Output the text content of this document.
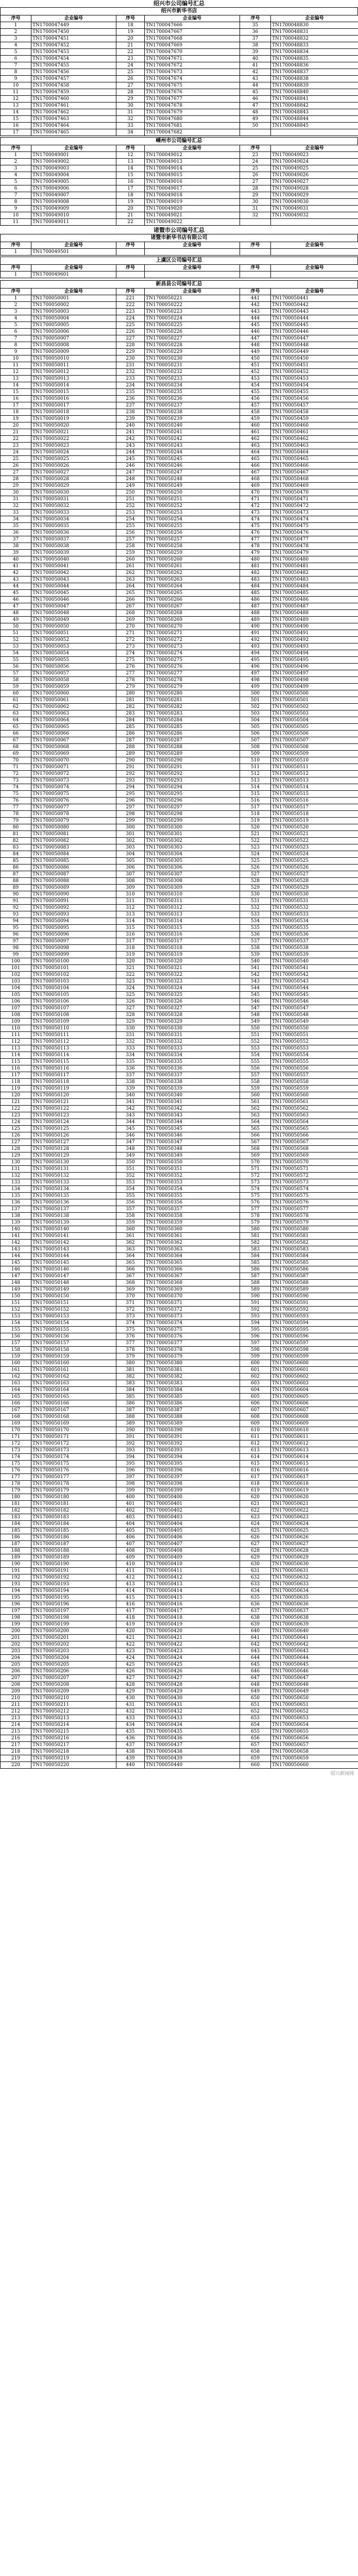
绍兴市公司编号汇总
绍兴市新华书店
序号	企业编号	序号	企业编号	序号	企业编号
1	TN1700047449	18	TN1700047666	35	TN1700048830
2	TN1700047450	19	TN1700047667	36	TN1700048831
3	TN1700047451	20	TN1700047668	37	TN1700048832
4	TN1700047452	21	TN1700047669	38	TN1700048833
5	TN1700047453	22	TN1700047670	39	TN1700048834
6	TN1700047454	23	TN1700047671	40	TN1700048835
7	TN1700047455	24	TN1700047672	41	TN1700048836
8	TN1700047456	25	TN1700047673	42	TN1700048837
9	TN1700047457	26	TN1700047674	43	TN1700048838
10	TN1700047458	27	TN1700047675	44	TN1700048839
11	TN1700047459	28	TN1700047676	45	TN1700048840
12	TN1700047460	29	TN1700047677	46	TN1700048841
13	TN1700047461	30	TN1700047678	47	TN1700048842
14	TN1700047462	31	TN1700047679	48	TN1700048843
15	TN1700047463	32	TN1700047680	49	TN1700048844
16	TN1700047464	33	TN1700047681	50	TN1700048845
17	TN1700047465	34	TN1700047682		
嵊州市公司编号汇总
序号	企业编号	序号	企业编号	序号	企业编号
1	TN1700049001	12	TN1700049012	23	TN1700049023
2	TN1700049002	13	TN1700049013	24	TN1700049024
3	TN1700049003	14	TN1700049014	25	TN1700049025
4	TN1700049004	15	TN1700049015	26	TN1700049026
5	TN1700049005	16	TN1700049016	27	TN1700049027
6	TN1700049006	17	TN1700049017	28	TN1700049028
7	TN1700049007	18	TN1700049018	29	TN1700049029
8	TN1700049008	19	TN1700049019	30	TN1700049030
9	TN1700049009	20	TN1700049020	31	TN1700049031
10	TN1700049010	21	TN1700049021	32	TN1700049032
11	TN1700049011	22	TN1700049022		
诸暨市公司编号汇总
诸暨市新华书店有限公司
序号	企业编号	序号	企业编号	序号	企业编号
1	TN1700049501				
上虞区公司编号汇总
序号	企业编号	序号	企业编号	序号	企业编号
1	TN1700049601				
新昌县公司编号汇总
序号	企业编号	序号	企业编号	序号	企业编号
1	TN1700050001	221	TN1700050221	441	TN1700050441
2	TN1700050002	222	TN1700050222	442	TN1700050442
3	TN1700050003	223	TN1700050223	443	TN1700050443
4	TN1700050004	224	TN1700050224	444	TN1700050444
5	TN1700050005	225	TN1700050225	445	TN1700050445
6	TN1700050006	226	TN1700050226	446	TN1700050446
7	TN1700050007	227	TN1700050227	447	TN1700050447
8	TN1700050008	228	TN1700050228	448	TN1700050448
9	TN1700050009	229	TN1700050229	449	TN1700050449
10	TN1700050010	230	TN1700050230	450	TN1700050450
11	TN1700050011	231	TN1700050231	451	TN1700050451
12	TN1700050012	232	TN1700050232	452	TN1700050452
13	TN1700050013	233	TN1700050233	453	TN1700050453
14	TN1700050014	234	TN1700050234	454	TN1700050454
15	TN1700050015	235	TN1700050235	455	TN1700050455
16	TN1700050016	236	TN1700050236	456	TN1700050456
17	TN1700050017	237	TN1700050237	457	TN1700050457
18	TN1700050018	238	TN1700050238	458	TN1700050458
19	TN1700050019	239	TN1700050239	459	TN1700050459
20	TN1700050020	240	TN1700050240	460	TN1700050460
21	TN1700050021	241	TN1700050241	461	TN1700050461
22	TN1700050022	242	TN1700050242	462	TN1700050462
23	TN1700050023	243	TN1700050243	463	TN1700050463
24	TN1700050024	244	TN1700050244	464	TN1700050464
25	TN1700050025	245	TN1700050245	465	TN1700050465
26	TN1700050026	246	TN1700050246	466	TN1700050466
27	TN1700050027	247	TN1700050247	467	TN1700050467
28	TN1700050028	248	TN1700050248	468	TN1700050468
29	TN1700050029	249	TN1700050249	469	TN1700050469
30	TN1700050030	250	TN1700050250	470	TN1700050470
31	TN1700050031	251	TN1700050251	471	TN1700050471
32	TN1700050032	252	TN1700050252	472	TN1700050472
33	TN1700050033	253	TN1700050253	473	TN1700050473
34	TN1700050034	254	TN1700050254	474	TN1700050474
35	TN1700050035	255	TN1700050255	475	TN1700050475
36	TN1700050036	256	TN1700050256	476	TN1700050476
37	TN1700050037	257	TN1700050257	477	TN1700050477
38	TN1700050038	258	TN1700050258	478	TN1700050478
39	TN1700050039	259	TN1700050259	479	TN1700050479
40	TN1700050040	260	TN1700050260	480	TN1700050480
41	TN1700050041	261	TN1700050261	481	TN1700050481
42	TN1700050042	262	TN1700050262	482	TN1700050482
43	TN1700050043	263	TN1700050263	483	TN1700050483
44	TN1700050044	264	TN1700050264	484	TN1700050484
45	TN1700050045	265	TN1700050265	485	TN1700050485
46	TN1700050046	266	TN1700050266	486	TN1700050486
47	TN1700050047	267	TN1700050267	487	TN1700050487
48	TN1700050048	268	TN1700050268	488	TN1700050488
49	TN1700050049	269	TN1700050269	489	TN1700050489
50	TN1700050050	270	TN1700050270	490	TN1700050490
51	TN1700050051	271	TN1700050271	491	TN1700050491
52	TN1700050052	272	TN1700050272	492	TN1700050492
53	TN1700050053	273	TN1700050273	493	TN1700050493
54	TN1700050054	274	TN1700050274	494	TN1700050494
55	TN1700050055	275	TN1700050275	495	TN1700050495
56	TN1700050056	276	TN1700050276	496	TN1700050496
57	TN1700050057	277	TN1700050277	497	TN1700050497
58	TN1700050058	278	TN1700050278	498	TN1700050498
59	TN1700050059	279	TN1700050279	499	TN1700050499
60	TN1700050060	280	TN1700050280	500	TN1700050500
61	TN1700050061	281	TN1700050281	501	TN1700050501
62	TN1700050062	282	TN1700050282	502	TN1700050502
63	TN1700050063	283	TN1700050283	503	TN1700050503
64	TN1700050064	284	TN1700050284	504	TN1700050504
65	TN1700050065	285	TN1700050285	505	TN1700050505
66	TN1700050066	286	TN1700050286	506	TN1700050506
67	TN1700050067	287	TN1700050287	507	TN1700050507
68	TN1700050068	288	TN1700050288	508	TN1700050508
69	TN1700050069	289	TN1700050289	509	TN1700050509
70	TN1700050070	290	TN1700050290	510	TN1700050510
71	TN1700050071	291	TN1700050291	511	TN1700050511
72	TN1700050072	292	TN1700050292	512	TN1700050512
73	TN1700050073	293	TN1700050293	513	TN1700050513
74	TN1700050074	294	TN1700050294	514	TN1700050514
75	TN1700050075	295	TN1700050295	515	TN1700050515
76	TN1700050076	296	TN1700050296	516	TN1700050516
77	TN1700050077	297	TN1700050297	517	TN1700050517
78	TN1700050078	298	TN1700050298	518	TN1700050518
79	TN1700050079	299	TN1700050299	519	TN1700050519
80	TN1700050080	300	TN1700050300	520	TN1700050520
81	TN1700050081	301	TN1700050301	521	TN1700050521
82	TN1700050082	302	TN1700050302	522	TN1700050522
83	TN1700050083	303	TN1700050303	523	TN1700050523
84	TN1700050084	304	TN1700050304	524	TN1700050524
85	TN1700050085	305	TN1700050305	525	TN1700050525
86	TN1700050086	306	TN1700050306	526	TN1700050526
87	TN1700050087	307	TN1700050307	527	TN1700050527
88	TN1700050088	308	TN1700050308	528	TN1700050528
89	TN1700050089	309	TN1700050309	529	TN1700050529
90	TN1700050090	310	TN1700050310	530	TN1700050530
91	TN1700050091	311	TN1700050311	531	TN1700050531
92	TN1700050092	312	TN1700050312	532	TN1700050532
93	TN1700050093	313	TN1700050313	533	TN1700050533
94	TN1700050094	314	TN1700050314	534	TN1700050534
95	TN1700050095	315	TN1700050315	535	TN1700050535
96	TN1700050096	316	TN1700050316	536	TN1700050536
97	TN1700050097	317	TN1700050317	537	TN1700050537
98	TN1700050098	318	TN1700050318	538	TN1700050538
99	TN1700050099	319	TN1700050319	539	TN1700050539
100	TN1700050100	320	TN1700050320	540	TN1700050540
101	TN1700050101	321	TN1700050321	541	TN1700050541
102	TN1700050102	322	TN1700050322	542	TN1700050542
103	TN1700050103	323	TN1700050323	543	TN1700050543
104	TN1700050104	324	TN1700050324	544	TN1700050544
105	TN1700050105	325	TN1700050325	545	TN1700050545
106	TN1700050106	326	TN1700050326	546	TN1700050546
107	TN1700050107	327	TN1700050327	547	TN1700050547
108	TN1700050108	328	TN1700050328	548	TN1700050548
109	TN1700050109	329	TN1700050329	549	TN1700050549
110	TN1700050110	330	TN1700050330	550	TN1700050550
111	TN1700050111	331	TN1700050331	551	TN1700050551
112	TN1700050112	332	TN1700050332	552	TN1700050552
113	TN1700050113	333	TN1700050333	553	TN1700050553
114	TN1700050114	334	TN1700050334	554	TN1700050554
115	TN1700050115	335	TN1700050335	555	TN1700050555
116	TN1700050116	336	TN1700050336	556	TN1700050556
117	TN1700050117	337	TN1700050337	557	TN1700050557
118	TN1700050118	338	TN1700050338	558	TN1700050558
119	TN1700050119	339	TN1700050339	559	TN1700050559
120	TN1700050120	340	TN1700050340	560	TN1700050560
121	TN1700050121	341	TN1700050341	561	TN1700050561
122	TN1700050122	342	TN1700050342	562	TN1700050562
123	TN1700050123	343	TN1700050343	563	TN1700050563
124	TN1700050124	344	TN1700050344	564	TN1700050564
125	TN1700050125	345	TN1700050345	565	TN1700050565
126	TN1700050126	346	TN1700050346	566	TN1700050566
127	TN1700050127	347	TN1700050347	567	TN1700050567
128	TN1700050128	348	TN1700050348	568	TN1700050568
129	TN1700050129	349	TN1700050349	569	TN1700050569
130	TN1700050130	350	TN1700050350	570	TN1700050570
131	TN1700050131	351	TN1700050351	571	TN1700050571
132	TN1700050132	352	TN1700050352	572	TN1700050572
133	TN1700050133	353	TN1700050353	573	TN1700050573
134	TN1700050134	354	TN1700050354	574	TN1700050574
135	TN1700050135	355	TN1700050355	575	TN1700050575
136	TN1700050136	356	TN1700050356	576	TN1700050576
137	TN1700050137	357	TN1700050357	577	TN1700050577
138	TN1700050138	358	TN1700050358	578	TN1700050578
139	TN1700050139	359	TN1700050359	579	TN1700050579
140	TN1700050140	360	TN1700050360	580	TN1700050580
141	TN1700050141	361	TN1700050361	581	TN1700050581
142	TN1700050142	362	TN1700050362	582	TN1700050582
143	TN1700050143	363	TN1700050363	583	TN1700050583
144	TN1700050144	364	TN1700050364	584	TN1700050584
145	TN1700050145	365	TN1700050365	585	TN1700050585
146	TN1700050146	366	TN1700050366	586	TN1700050586
147	TN1700050147	367	TN1700050367	587	TN1700050587
148	TN1700050148	368	TN1700050368	588	TN1700050588
149	TN1700050149	369	TN1700050369	589	TN1700050589
150	TN1700050150	370	TN1700050370	590	TN1700050590
151	TN1700050151	371	TN1700050371	591	TN1700050591
152	TN1700050152	372	TN1700050372	592	TN1700050592
153	TN1700050153	373	TN1700050373	593	TN1700050593
154	TN1700050154	374	TN1700050374	594	TN1700050594
155	TN1700050155	375	TN1700050375	595	TN1700050595
156	TN1700050156	376	TN1700050376	596	TN1700050596
157	TN1700050157	377	TN1700050377	597	TN1700050597
158	TN1700050158	378	TN1700050378	598	TN1700050598
159	TN1700050159	379	TN1700050379	599	TN1700050599
160	TN1700050160	380	TN1700050380	600	TN1700050600
161	TN1700050161	381	TN1700050381	601	TN1700050601
162	TN1700050162	382	TN1700050382	602	TN1700050602
163	TN1700050163	383	TN1700050383	603	TN1700050603
164	TN1700050164	384	TN1700050384	604	TN1700050604
165	TN1700050165	385	TN1700050385	605	TN1700050605
166	TN1700050166	386	TN1700050386	606	TN1700050606
167	TN1700050167	387	TN1700050387	607	TN1700050607
168	TN1700050168	388	TN1700050388	608	TN1700050608
169	TN1700050169	389	TN1700050389	609	TN1700050609
170	TN1700050170	390	TN1700050390	610	TN1700050610
171	TN1700050171	391	TN1700050391	611	TN1700050611
172	TN1700050172	392	TN1700050392	612	TN1700050612
173	TN1700050173	393	TN1700050393	613	TN1700050613
174	TN1700050174	394	TN1700050394	614	TN1700050614
175	TN1700050175	395	TN1700050395	615	TN1700050615
176	TN1700050176	396	TN1700050396	616	TN1700050616
177	TN1700050177	397	TN1700050397	617	TN1700050617
178	TN1700050178	398	TN1700050398	618	TN1700050618
179	TN1700050179	399	TN1700050399	619	TN1700050619
180	TN1700050180	400	TN1700050400	620	TN1700050620
181	TN1700050181	401	TN1700050401	621	TN1700050621
182	TN1700050182	402	TN1700050402	622	TN1700050622
183	TN1700050183	403	TN1700050403	623	TN1700050623
184	TN1700050184	404	TN1700050404	624	TN1700050624
185	TN1700050185	405	TN1700050405	625	TN1700050625
186	TN1700050186	406	TN1700050406	626	TN1700050626
187	TN1700050187	407	TN1700050407	627	TN1700050627
188	TN1700050188	408	TN1700050408	628	TN1700050628
189	TN1700050189	409	TN1700050409	629	TN1700050629
190	TN1700050190	410	TN1700050410	630	TN1700050630
191	TN1700050191	411	TN1700050411	631	TN1700050631
192	TN1700050192	412	TN1700050412	632	TN1700050632
193	TN1700050193	413	TN1700050413	633	TN1700050633
194	TN1700050194	414	TN1700050414	634	TN1700050634
195	TN1700050195	415	TN1700050415	635	TN1700050635
196	TN1700050196	416	TN1700050416	636	TN1700050636
197	TN1700050197	417	TN1700050417	637	TN1700050637
198	TN1700050198	418	TN1700050418	638	TN1700050638
199	TN1700050199	419	TN1700050419	639	TN1700050639
200	TN1700050200	420	TN1700050420	640	TN1700050640
201	TN1700050201	421	TN1700050421	641	TN1700050641
202	TN1700050202	422	TN1700050422	642	TN1700050642
203	TN1700050203	423	TN1700050423	643	TN1700050643
204	TN1700050204	424	TN1700050424	644	TN1700050644
205	TN1700050205	425	TN1700050425	645	TN1700050645
206	TN1700050206	426	TN1700050426	646	TN1700050646
207	TN1700050207	427	TN1700050427	647	TN1700050647
208	TN1700050208	428	TN1700050428	648	TN1700050648
209	TN1700050209	429	TN1700050429	649	TN1700050649
210	TN1700050210	430	TN1700050430	650	TN1700050650
211	TN1700050211	431	TN1700050431	651	TN1700050651
212	TN1700050212	432	TN1700050432	652	TN1700050652
213	TN1700050213	433	TN1700050433	653	TN1700050653
214	TN1700050214	434	TN1700050434	654	TN1700050654
215	TN1700050215	435	TN1700050435	655	TN1700050655
216	TN1700050216	436	TN1700050436	656	TN1700050656
217	TN1700050217	437	TN1700050437	657	TN1700050657
218	TN1700050218	438	TN1700050438	658	TN1700050658
219	TN1700050219	439	TN1700050439	659	TN1700050659
220	TN1700050220	440	TN1700050440	660	TN1700050660
绍兴新闻网
